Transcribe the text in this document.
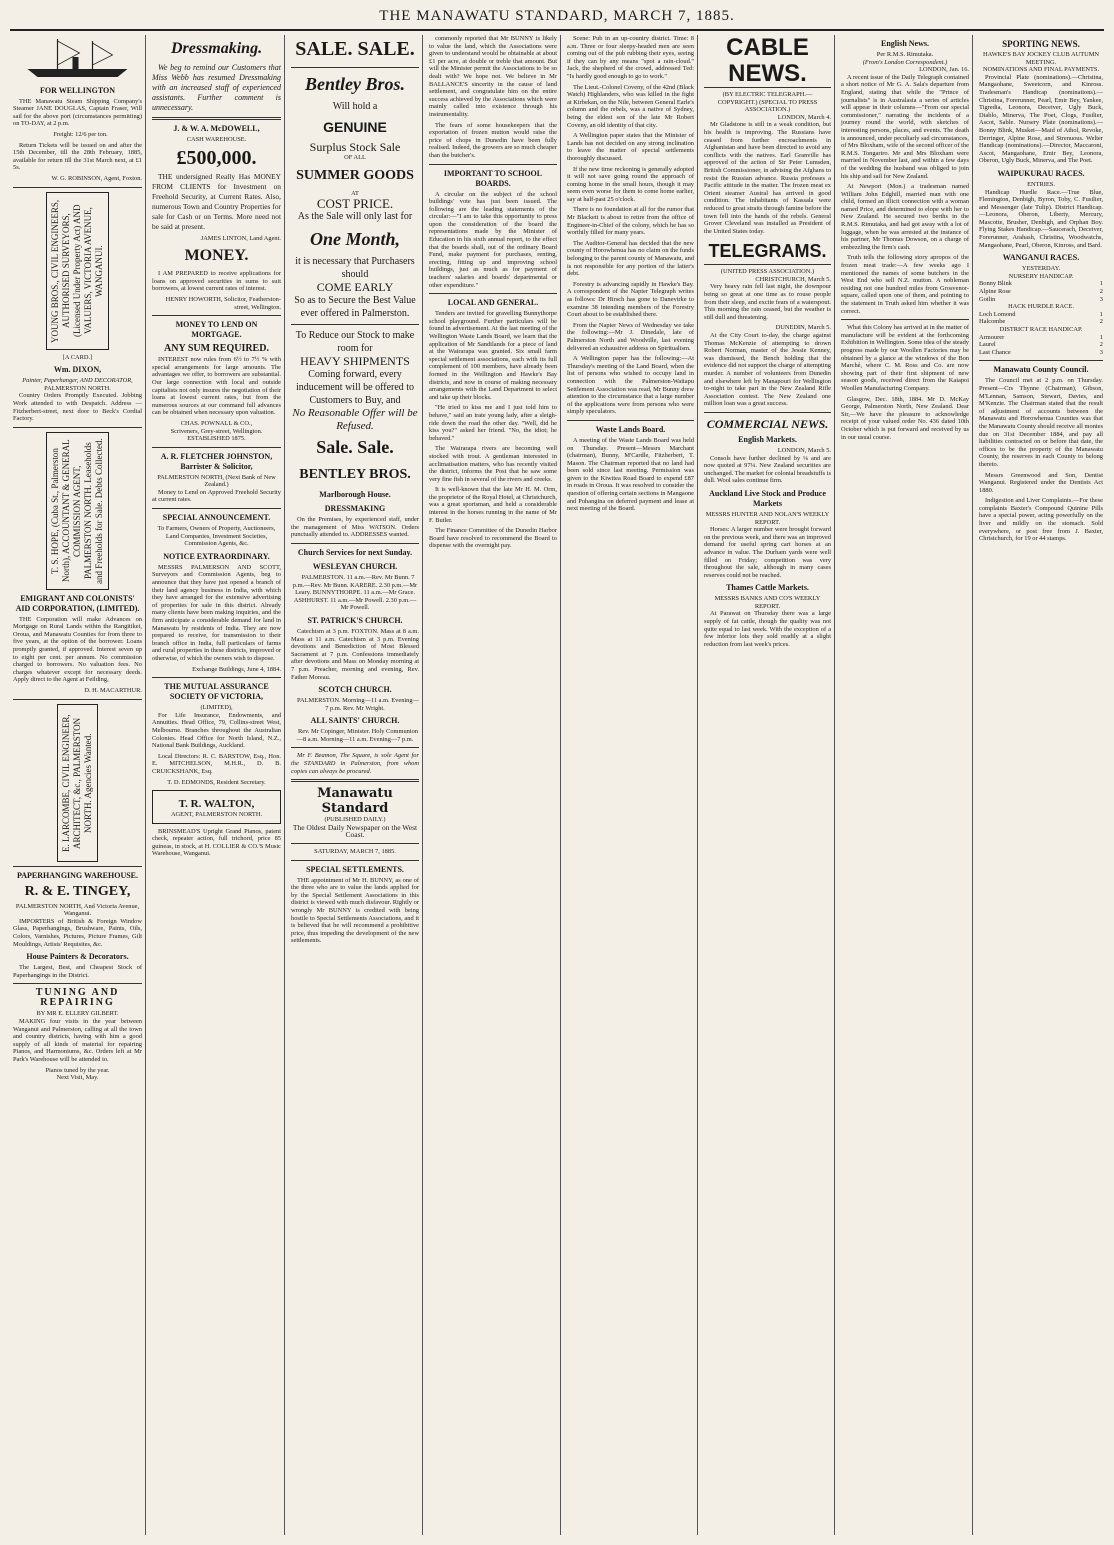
THE MANAWATU STANDARD, MARCH 7, 1885.
FOR WELLINGTON

THE Manawatu Steam Shipping Company's Steamer JANE DOUGLAS, Captain Fraser, Will sail for the above port (circumstances permitting) on TO-DAY, at 2 p.m.

Freight: 12/6 per ton.

Return Tickets will be issued on and after the 15th December, till the 28th February, 1885, available for return till the 31st March next, at £1 5s.

W. G. ROBINSON, Agent, Foxton.

YOUNG BROS., CIVIL ENGINEERS, AUTHORISED SURVEYORS, (Licensed Under Property Act) AND VALUERS, VICTORIA AVENUE, WANGANUI.
[A CARD.]
Wm. DIXON,
Painter, Paperhanger, AND DECORATOR,
PALMERSTON NORTH.

Country Orders Promptly Executed. Jobbing Work attended to with Despatch. Address — Fitzherbert-street, next door to Beck's Cordial Factory.

T. S. HOPE, (Cuba St., Palmerston North), ACCOUNTANT & GENERAL COMMISSION AGENT, PALMERSTON NORTH. Leaseholds and Freeholds for Sale. Debts Collected.
EMIGRANT AND COLONISTS' AID CORPORATION, (LIMITED).

THE Corporation will make Advances on Mortgage on Rural Lands within the Rangitikei, Oroua, and Manawatu Counties for from three to five years, at the option of the borrower. Loans promptly granted, if approved. Interest seven up to eight per cent. per annum. No commission charged to borrowers. No valuation fees. No charges whatever except for necessary deeds. Apply direct to the Agent at Feilding,

D. H. MACARTHUR.

E. LARCOMBE, CIVIL ENGINEER, ARCHITECT, &c., PALMERSTON NORTH. Agencies Wanted.
PAPERHANGING WAREHOUSE.
R. & E. TINGEY,
PALMERSTON NORTH, And Victoria Avenue, Wanganui.

IMPORTERS of British & Foreign Window Glass, Paperhangings, Brushware, Paints, Oils, Colors, Varnishes, Pictures, Picture Frames, Gilt Mouldings, Artists' Requisites, &c.

House Painters & Decorators.

The Largest, Best, and Cheapest Stock of Paperhangings in the District.

TUNING AND REPAIRING
BY MR E. ELLERY GILBERT.

MAKING four visits in the year between Wanganui and Palmerston, calling at all the town and country districts, having with him a good supply of all kinds of material for repairing Pianos, and Harmoniums, &c. Orders left at Mr Park's Warehouse will be attended to.

Pianos tuned by the year.
Next Visit, May.
Dressmaking.

We beg to remind our Customers that Miss Webb has resumed Dressmaking with an increased staff of experienced assistants. Further comment is unnecessary.

J. & W. A. McDOWELL,
CASH WAREHOUSE.
£500,000.

THE undersigned Really Has MONEY FROM CLIENTS for Investment on Freehold Security, at Current Rates. Also, numerous Town and Country Properties for sale for Cash or on Terms. More need not be said at present.

JAMES LINTON, Land Agent.
MONEY.

I AM PREPARED to receive applications for loans on approved securities in sums to suit borrowers, at lowest current rates of interest.

HENRY HOWORTH, Solicitor, Featherston-street, Wellington.
MONEY TO LEND ON MORTGAGE.
ANY SUM REQUIRED.

INTEREST now rules from 6½ to 7½ % with special arrangements for large amounts. The advantages we offer, to borrowers are substantial. Our large connection with local and outside capitalists not only insures the negotiation of their loans at lowest current rates, but from the numerous sources at our command full advances can be obtained when necessary upon valuation.

CHAS. POWNALL & CO.,
Scriveners, Grey-street, Wellington. ESTABLISHED 1875.
A. R. FLETCHER JOHNSTON, Barrister & Solicitor,
PALMERSTON NORTH, (Next Bank of New Zealand.)

Money to Lend on Approved Freehold Security at current rates.

SPECIAL ANNOUNCEMENT.
To Farmers, Owners of Property, Auctioneers, Land Companies, Investment Societies, Commission Agents, &c.
NOTICE EXTRAORDINARY.

MESSRS PALMERSON AND SCOTT, Surveyors and Commission Agents, beg to announce that they have just opened a branch of their land agency business in India, with which they have arranged for the extensive advertising of properties for sale in this district. Already many clients have been making inquiries, and the firm anticipate a considerable demand for land in Manawatu by residents of India. They are now prepared to receive, for transmission to their branch office in India, full particulars of farms and rural properties in these districts, improved or otherwise, of which the owners wish to dispose.

Exchange Buildings, June 4, 1884.
THE MUTUAL ASSURANCE SOCIETY OF VICTORIA,
(LIMITED),

For Life Insurance, Endowments, and Annuities. Head Office, 79, Collins-street West, Melbourne. Branches throughout the Australian Colonies. Head Office for North Island, N.Z., National Bank Buildings, Auckland.

Local Directors: R. C. BARSTOW, Esq., Hon. E. MITCHELSON, M.H.R., D. B. CRUICKSHANK, Esq.

T. D. EDMONDS, Resident Secretary.
T. R. WALTON,
AGENT, PALMERSTON NORTH.

BRINSMEAD'S Upright Grand Pianos, patent check, repeater action, full trichord, price 85 guineas, in stock, at H. COLLIER & CO.'S Music Warehouse, Wanganui.

SALE. SALE.
Bentley Bros.
Will hold a
GENUINE
Surplus Stock Sale
OF ALL
SUMMER GOODS
AT
COST PRICE.
As the Sale will only last for
One Month,
it is necessary that Purchasers should
COME EARLY
So as to Secure the Best Value ever offered in Palmerston.
To Reduce our Stock to make room for
HEAVY SHIPMENTS
Coming forward, every inducement will be offered to Customers to Buy, and
No Reasonable Offer will be Refused.
Sale. Sale.
BENTLEY BROS.
Marlborough House.
DRESSMAKING

On the Premises, by experienced staff, under the management of Miss WATSON. Orders punctually attended to. ADDRESSES wanted.

Church Services for next Sunday.
WESLEYAN CHURCH.

PALMERSTON. 11 a.m.—Rev. Mr Bunn. 7 p.m.—Rev. Mr Bunn. KARERE. 2.30 p.m.—Mr Leary. BUNNYTHORPE. 11 a.m.—Mr Grace. ASHHURST. 11 a.m.—Mr Powell. 2.30 p.m.—Mr Powell.

ST. PATRICK'S CHURCH.

Catechism at 3 p.m. FOXTON. Mass at 8 a.m. Mass at 11 a.m. Catechism at 3 p.m. Evening devotions and Benediction of Most Blessed Sacrament at 7 p.m. Confessions immediately after devotions and Mass on Monday morning at 7 p.m. Preacher, morning and evening, Rev. Father Moreau.

SCOTCH CHURCH.

PALMERSTON. Morning—11 a.m. Evening—7 p.m. Rev. Mr Wright.

ALL SAINTS' CHURCH.

Rev. Mr Copinger, Minister. Holy Communion—8 a.m. Morning—11 a.m. Evening—7 p.m.

Mr F. Beamon, The Square, is sole Agent for the STANDARD in Palmerston, from whom copies can always be procured.

Manawatu Standard
(PUBLISHED DAILY.)
The Oldest Daily Newspaper on the West Coast.
SATURDAY, MARCH 7, 1885.
SPECIAL SETTLEMENTS.

THE appointment of Mr H. BUNNY, as one of the three who are to value the lands applied for by the Special Settlement Associations in this district is viewed with much disfavour. Rightly or wrongly Mr BUNNY is credited with being hostile to Special Settlements Associations, and it is believed that he will recommend a prohibitive price, thus impeding the development of the new settlements.

commonly reported that Mr BUNNY is likely to value the land, which the Associations were given to understand would be obtainable at about £1 per acre, at double or treble that amount. But will the Minister permit the Associations to be so dealt with? We hope not. We believe in Mr BALLANCE'S sincerity in the cause of land settlement, and congratulate him on the entire success achieved by the Associations which were mainly called into existence through his instrumentality.

The fears of some housekeepers that the exportation of frozen mutton would raise the price of chops in Dunedin have been fully realised. Indeed, the growers are so much cheaper than the butcher's.

IMPORTANT TO SCHOOL BOARDS.

A circular on the subject of the school buildings' vote has just been issued. The following are the leading statements of the circular:—"I am to take this opportunity to press upon the consideration of the board the representations made by the Minister of Education in his sixth annual report, to the effect that the boards shall, out of the ordinary Board Fund, make payment for purchases, renting, erecting, fitting up and improving school buildings, just as much as for payment of teachers' salaries and boards' departmental or other expenditure."

LOCAL AND GENERAL.

Tenders are invited for gravelling Bunnythorpe school playground. Further particulars will be found in advertisement. At the last meeting of the Wellington Waste Lands Board, we learn that the application of Mr Sandilands for a piece of land at the Wairarapa was granted. Six small farm special settlement associations, each with its full complement of 100 members, have already been formed in the Wellington and Hawke's Bay districts, and now in course of making necessary arrangements with the Land Department to select and take up their blocks.

"He tried to kiss me and I just told him to behave," said an irate young lady, after a sleigh-ride down the road the other day. "Well, did he kiss you?" asked her friend. "No, the idiot; he behaved."

The Wairarapa rivers are becoming well stocked with trout. A gentleman interested in acclimatisation matters, who has recently visited the district, informs the Post that he saw some very fine fish in several of the rivers and creeks.

It is well-known that the late Mr H. M. Orm, the proprietor of the Royal Hotel, at Christchurch, was a great sportsman, and held a considerable interest in the horses running in the name of Mr F. Butler.

The Finance Committee of the Dunedin Harbor Board have resolved to recommend the Board to dispense with the overnight pay.

Scene: Pub in an up-country district. Time: 8 a.m. Three or four sleepy-headed men are seen coming out of the pub rubbing their eyes, seeing if they can by any means "spot a rain-cloud." Jack, the shepherd of the crowd, addressed Ted: "Is hardly good enough to go to work."

The Lieut.-Colonel Coveny, of the 42nd (Black Watch) Highlanders, who was killed in the fight at Kirbekan, on the Nile, between General Earle's column and the rebels, was a native of Sydney, being the eldest son of the late Mr Robert Coveny, an old identity of that city.

A Wellington paper states that the Minister of Lands has not decided on any strong inclination to leave the matter of special settlements thoroughly discussed.

If the new time reckoning is generally adopted it will not save going round the approach of coming home in the small hours, though it may seem even worse for them to come home earlier, say at half-past 25 o'clock.

There is no foundation at all for the rumor that Mr Blackett is about to retire from the office of Engineer-in-Chief of the colony, which he has so worthily filled for many years.

The Auditor-General has decided that the new county of Horowhenua has no claim on the funds belonging to the parent county of Manawatu, and is not responsible for any portion of the latter's debt.

Forestry is advancing rapidly in Hawke's Bay. A correspondent of the Napier Telegraph writes as follows: Dr Hirsch has gone to Danevirke to examine 38 intending members of the Forestry Court about to be established there.

From the Napier News of Wednesday we take the following:—Mr J. Dinedale, late of Palmerston North and Woodville, last evening delivered an exhaustive address on Spiritualism.

A Wellington paper has the following:—At Thursday's meeting of the Land Board, when the list of persons who wished to occupy land in connection with the Palmerston-Waitapu Settlement Association was read, Mr Bunny drew attention to the circumstance that a large number of the applications were from persons who were simply speculators.

Waste Lands Board.

A meeting of the Waste Lands Board was held on Thursday. Present—Messrs Marchant (chairman), Bunny, M'Cardle, Fitzherbert, T. Mason. The Chairman reported that no land had been sold since last meeting. Permission was given to the Kiwitea Road Board to expend £87 in roads in Oroua. It was resolved to consider the question of offering certain sections in Mangaone and Pohangina on deferred payment and lease at next meeting of the Board.

CABLE NEWS.
(BY ELECTRIC TELEGRAPH.—COPYRIGHT.) (SPECIAL TO PRESS ASSOCIATION.)
LONDON, March 4.

Mr Gladstone is still in a weak condition, but his health is improving. The Russians have ceased from further encroachments in Afghanistan and have been directed to avoid any conflicts with the natives. Earl Granville has approved of the action of Sir Peter Lumsden, British Commissioner, in advising the Afghans to resist the Russian advance. Russia professes a Pacific attitude in the matter. The frozen meat ex Orient steamer Austral has arrived in good condition. The inhabitants of Kassala were reduced to great straits through famine before the town fell into the hands of the rebels. General Grover Cleveland was installed as President of the United States today.

TELEGRAMS.
(UNITED PRESS ASSOCIATION.)
CHRISTCHURCH, March 5.

Very heavy rain fell last night, the downpour being so great at one time as to rouse people from their sleep, and excite fears of a waterspout. This morning the rain ceased, but the weather is still dull and threatening.

DUNEDIN, March 5.

At the City Court to-day, the charge against Thomas McKenzie of attempting to drown Robert Norman, master of the Jessie Kenney, was dismissed, the Bench holding that the evidence did not support the charge of attempting murder. A number of volunteers from Dunedin and elsewhere left by Manapouri for Wellington to-night to take part in the New Zealand Rifle Association contest. The New Zealand one million loan was a great success.

COMMERCIAL NEWS.
English Markets.
LONDON, March 5.

Consols have further declined by ⅛ and are now quoted at 97¼. New Zealand securities are unchanged. The market for colonial breadstuffs is dull. Wool sales continue firm.

Auckland Live Stock and Produce Markets
MESSRS HUNTER AND NOLAN'S WEEKLY REPORT.

Horses: A larger number were brought forward on the previous week, and there was an improved demand for useful spring cart horses at an advance in value. The Durham yards were well filled on Friday; competition was very throughout the sale, although in many cases reserves could not be reached.

Thames Cattle Markets.
MESSRS BANKS AND CO'S WEEKLY REPORT.

At Parawai on Thursday there was a large supply of fat cattle, though the quality was not quite equal to last week. With the exception of a few inferior lots they sold readily at a slight reduction from last week's prices.

English News.
Per R.M.S. Rimutaka.
(From's London Correspondent.)
LONDON, Jan. 16.

A recent issue of the Daily Telegraph contained a short notice of Mr G. A. Sala's departure from England, stating that while the "Prince of journalists" is in Australasia a series of articles will appear in their columns—"From our special commissioner," narrating the incidents of a journey round the world, with sketches of interesting persons, places, and events. The death is announced, under peculiarly sad circumstances, of Mrs Bloxham, wife of the second officer of the R.M.S. Tongariro. Mr and Mrs Bloxham were married in November last, and within a few days of the wedding the husband was obliged to join his ship and sail for New Zealand.

At Newport (Mon.) a tradesman named William John Edghill, married man with one child, formed an illicit connection with a woman named Price, and determined to elope with her to New Zealand. He secured two berths in the R.M.S. Rimutaka, and had got away with a lot of luggage, when he was arrested at the instance of his partner, Mr Thomas Dowson, on a charge of embezzling the firm's cash.

Truth tells the following story apropos of the frozen meat trade:—A few weeks ago I mentioned the names of some butchers in the West End who sell N.Z. mutton. A nobleman residing not one hundred miles from Grosvenor-square, called upon one of them, and pointing to the statement in Truth asked him whether it was correct.

What this Colony has arrived at in the matter of manufacture will be evident at the forthcoming Exhibition in Wellington. Some idea of the steady progress made by our Woollen Factories may be obtained by a glance at the windows of the Bon Marché, where C. M. Ross and Co. are now showing part of their first shipment of new season goods, received direct from the Kaiapoi Woollen Manufacturing Company.

Glasgow, Dec. 18th, 1884. Mr D. McKay George, Palmerston North, New Zealand. Dear Sir,—We have the pleasure to acknowledge receipt of your valued order No. 436 dated 10th October which is put forward and received by us in our usual course.

SPORTING NEWS.
HAWKE'S BAY JOCKEY CLUB AUTUMN MEETING.
NOMINATIONS AND FINAL PAYMENTS.

Provincial Plate (nominations).—Christina, Mangaohane, Sweetcorn, and Kinross. Tradesman's Handicap (nominations).—Christina, Forerunner, Pearl, Emir Bey, Yankee, Tigredia, Leonora, Deceiver, Ugly Buck, Diablo, Minerva, The Poet, Clogs, Fusilier, Ascot, Sable. Nursery Plate (nominations).—Bonny Blink, Musket—Maid of Athol, Revoke, Derringer, Alpine Rose, and Strenuous. Welter Handicap (nominations).—Director, Maccaroni, Ascot, Mangaohane, Emir Bey, Leonora, Oberon, Ugly Buck, Minerva, and The Poet.

WAIPUKURAU RACES.
ENTRIES.

Handicap Hurdle Race.—True Blue, Flemington, Denbigh, Byron, Toby, C. Fusilier, and Messenger (late Tulip). District Handicap.—Leonora, Oberon, Liberty, Mercury, Mascotte, Brusher, Denbigh, and Orphan Boy. Flying Stakes Handicap.—Saucerach, Deceiver, Forerunner, Arahash, Christina, Woodwatchs, Mangaohane, Pearl, Oberon, Kinross, and Bard.

WANGANUI RACES.
YESTERDAY.
NURSERY HANDICAP.
Bonny Blink	1
Alpine Rose	2
Gotlin	3
HACK HURDLE RACE.
Loch Lomond	1
Halcombe	2
DISTRICT RACE HANDICAP.
Armourer	1
Laurel	2
Last Chance	3
Manawatu County Council.

The Council met at 2 p.m. on Thursday. Present—Crs Thynne (Chairman), Gibson, M'Lennan, Samson, Stewart, Davies, and M'Kenzie. The Chairman stated that the result of adjustment of accounts between the Manawatu and Horowhenua Counties was that the Manawatu County should receive all monies due on 31st December 1884, and pay all liabilities contracted on or before that date, the offices to be the property of the Manawatu County, the reserves in each County to belong thereto.

Messrs Greenwood and Son, Dentist Wanganui. Registered under the Dentists Act 1880.

Indigestion and Liver Complaints.—For these complaints Baxter's Compound Quinine Pills have a special power, acting powerfully on the liver and mildly on the stomach. Sold everywhere, or post free from J. Baxter, Christchurch, for 19 or 44 stamps.
